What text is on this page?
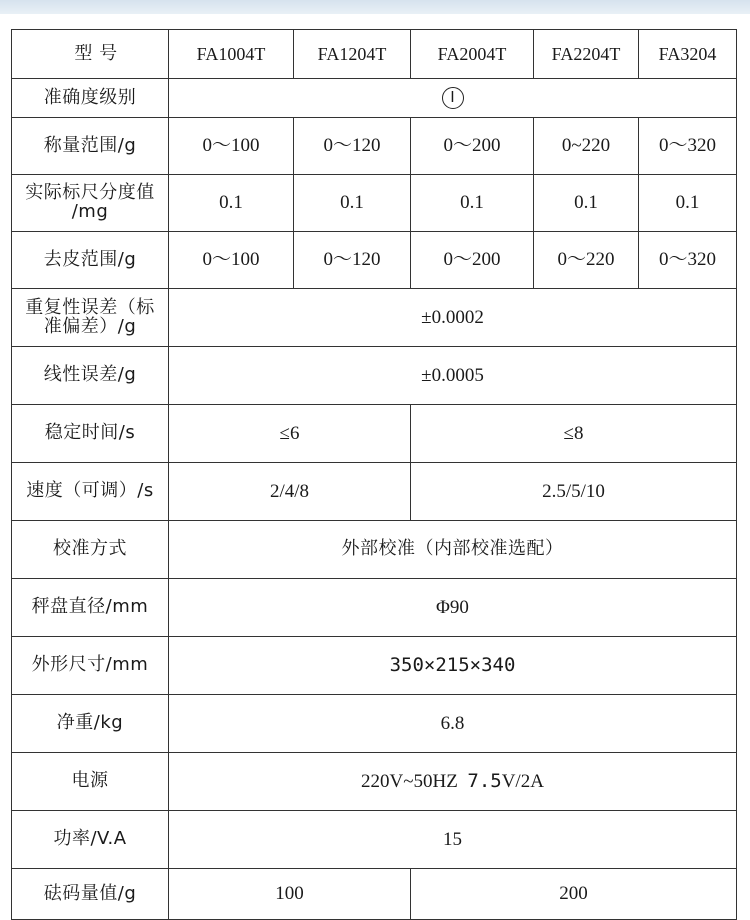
型 号	FA1004T	FA1204T	FA2004T	FA2204T	FA3204
准确度级别	Ⅰ				
称量范围/g	0～100	0～120	0～200	0~220	0～320

实际标尺分度值
/mg	0.1	0.1	0.1	0.1	0.1
去皮范围/g	0～100	0～120	0～200	0～220	0～320

重复性误差（标
准偏差）/g	±0.0002				
线性误差/g	±0.0005				
稳定时间/s	≤6		≤8		
速度（可调）/s	2/4/8		2.5/5/10		
校准方式	外部校准（内部校准选配）				
秤盘直径/mm	Φ90				
外形尺寸/mm	350×215×340				
净重/kg	6.8				
电源	220V~50HZ 7.5V/2A				
功率/V.A	15				
砝码量值/g	100		200		
